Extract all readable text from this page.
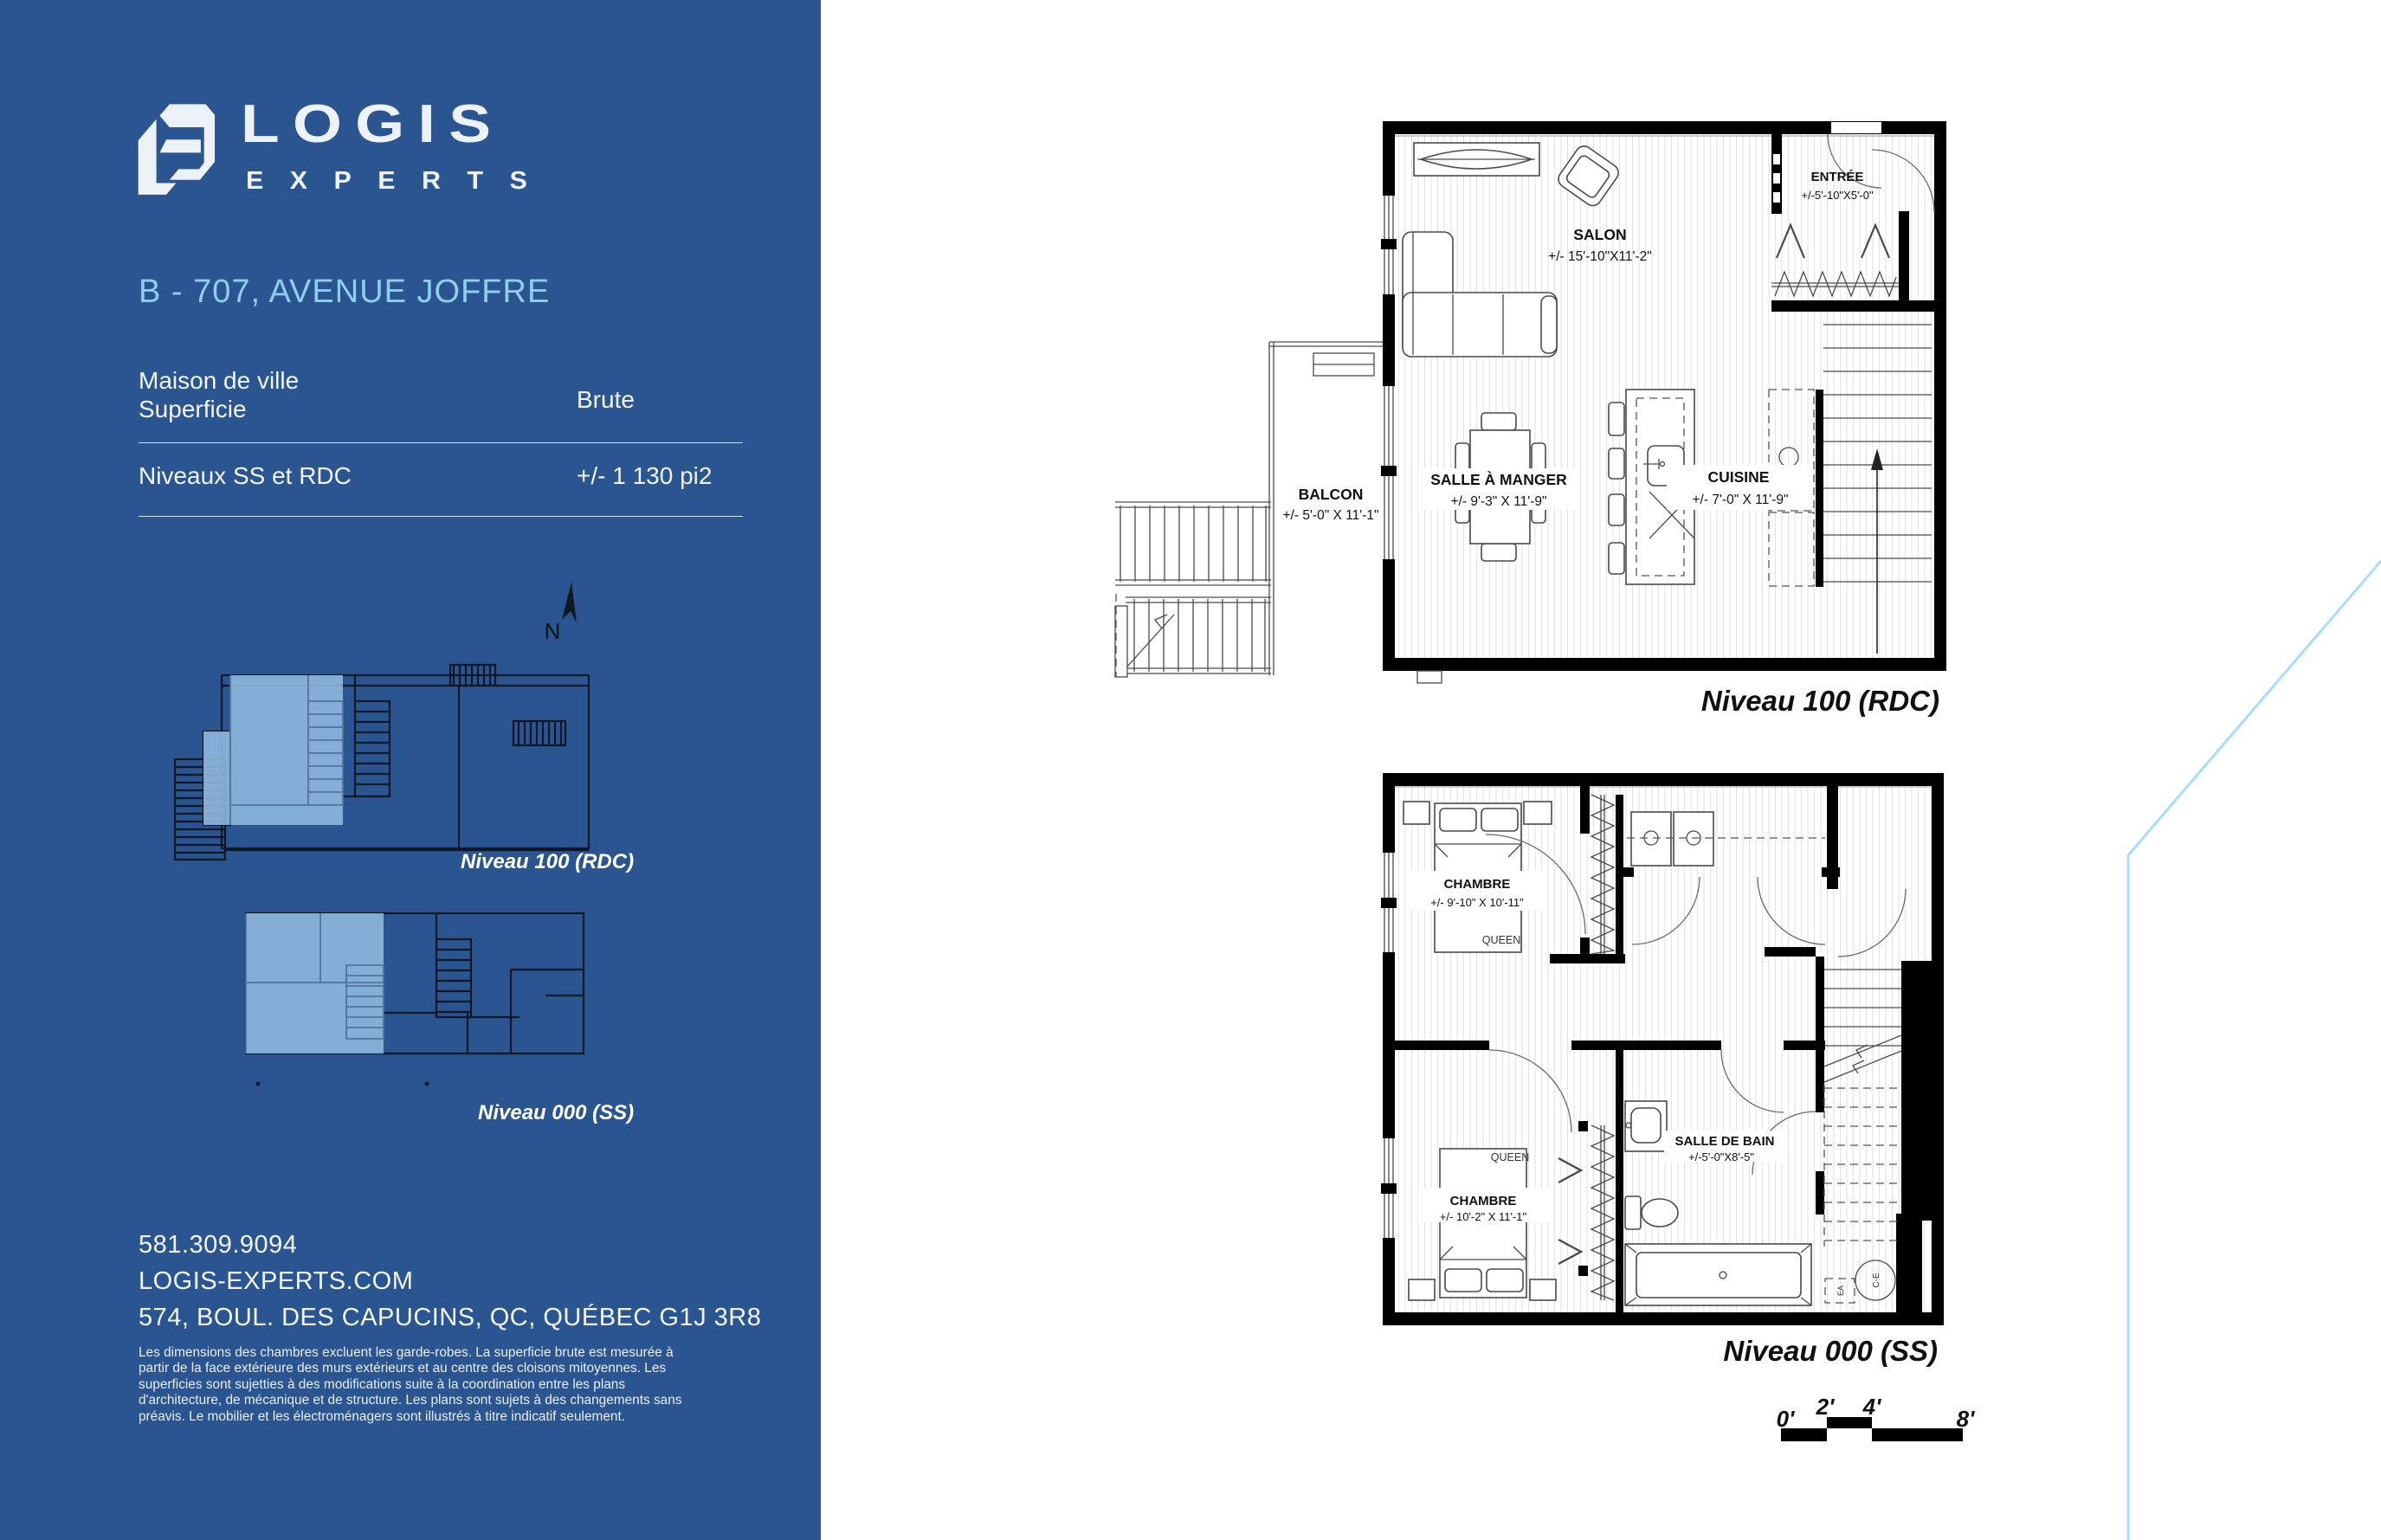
LOGIS
EXPERTS
B - 707, AVENUE JOFFRE
Maison de ville
Superficie	Brute
Niveaux SS et RDC	+/- 1 130 pi2
N
Niveau 100 (RDC)
Niveau 000 (SS)
581.309.9094
LOGIS-EXPERTS.COM
574, BOUL. DES CAPUCINS, QC, QUÉBEC G1J 3R8
Les dimensions des chambres excluent les garde-robes. La superficie brute est mesurée à partir de la face extérieure des murs extérieurs et au centre des cloisons mitoyennes. Les superficies sont sujetties à des modifications suite à la coordination entre les plans d'architecture, de mécanique et de structure. Les plans sont sujets à des changements sans préavis. Le mobilier et les électroménagers sont illustrés à titre indicatif seulement.
BALCON
+/- 5'-0" X 11'-1"
ENTRÉE
+/-5'-10"X5'-0"
SALON
+/- 15'-10"X11'-2"
SALLE À MANGER
+/- 9'-3" X 11'-9"
CUISINE
+/- 7'-0" X 11'-9"
Niveau 100 (RDC)
CHAMBRE
+/- 9'-10" X 10'-11"
QUEEN
QUEEN
CHAMBRE
+/- 10'-2" X 11'-1"
SALLE DE BAIN
+/-5'-0"X8'-5"
C-E
EA
Niveau 000 (SS)
0' 2' 4'	8'
